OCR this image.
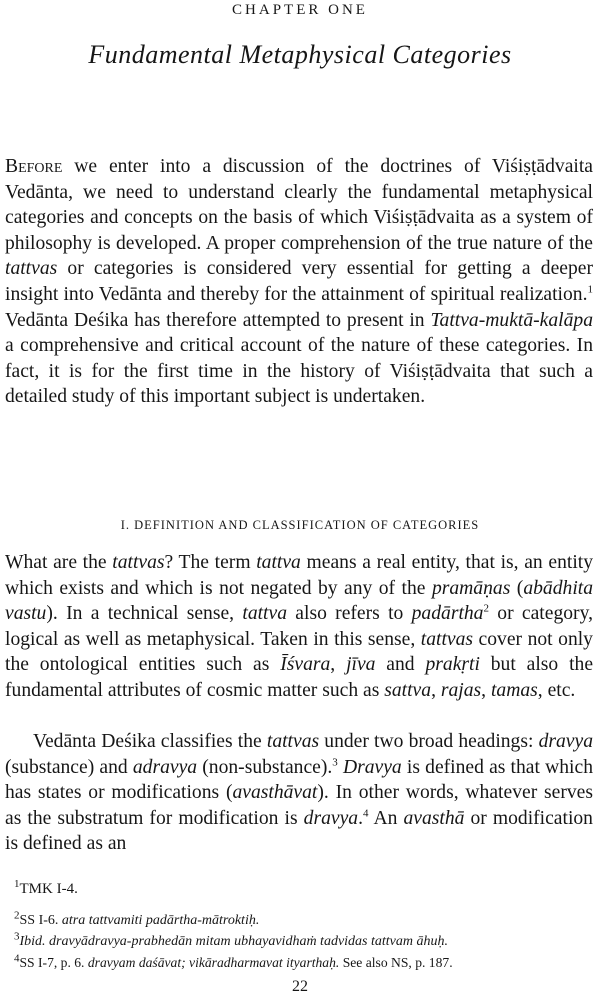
CHAPTER ONE
Fundamental Metaphysical Categories

Before we enter into a discussion of the doctrines of Viśiṣṭādvaita Vedānta, we need to understand clearly the fundamental metaphysical categories and concepts on the basis of which Viśiṣṭādvaita as a system of philosophy is developed. A proper comprehension of the true nature of the tattvas or categories is considered very essential for getting a deeper insight into Vedānta and thereby for the attainment of spiritual realization.$^1$ Vedānta Deśika has therefore attempted to present in Tattva-muktā-kalāpa a comprehensive and critical account of the nature of these categories. In fact, it is for the first time in the history of Viśiṣṭādvaita that such a detailed study of this important subject is undertaken.

I. DEFINITION AND CLASSIFICATION OF CATEGORIES

What are the tattvas? The term tattva means a real entity, that is, an entity which exists and which is not negated by any of the pramāṇas (abādhita vastu). In a technical sense, tattva also refers to padārtha$^2$ or category, logical as well as metaphysical. Taken in this sense, tattvas cover not only the ontological entities such as Īśvara, jīva and prakṛti but also the fundamental attributes of cosmic matter such as sattva, rajas, tamas, etc.

Vedānta Deśika classifies the tattvas under two broad headings: dravya (substance) and adravya (non-substance).$^3$ Dravya is defined as that which has states or modifications (avasthāvat). In other words, whatever serves as the substratum for modification is dravya.$^4$ An avasthā or modification is defined as an

$^1$TMK I-4.
$^2$SS I-6. atra tattvamiti padārtha-mātroktiḥ.
$^3$Ibid. dravyādravya-prabhedān mitam ubhayavidhaṁ tadvidas tattvam āhuḥ.
$^4$SS I-7, p. 6. dravyam daśāvat; vikāradharmavat ityarthaḥ. See also NS, p. 187.
22
